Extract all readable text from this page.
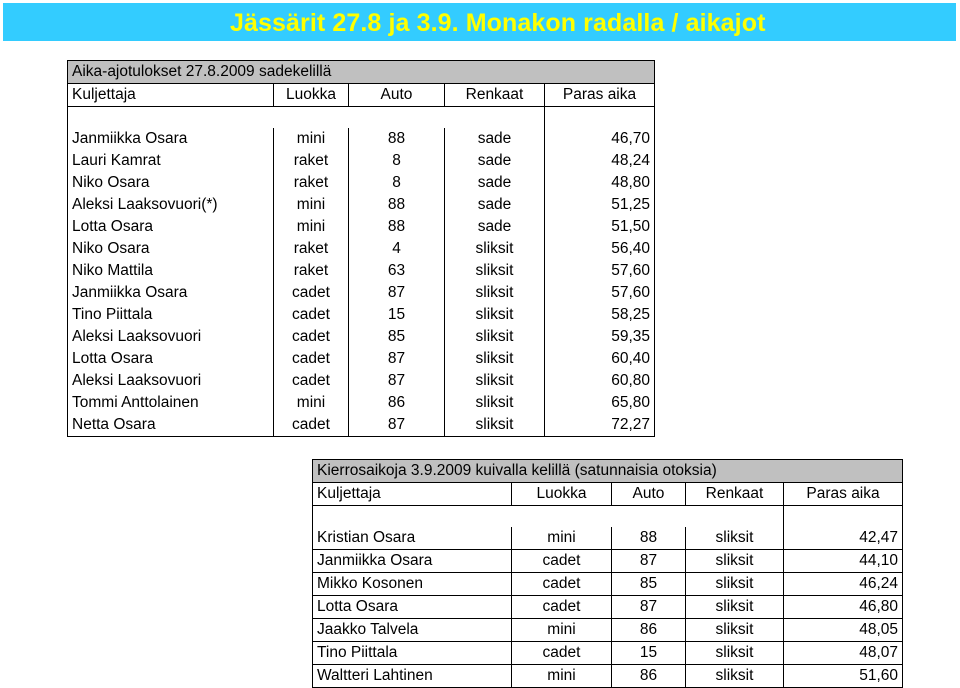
Jässärit 27.8 ja 3.9. Monakon radalla / aikajot
Aika-ajotulokset 27.8.2009 sadekelillä				
Kuljettaja	Luokka	Auto	Renkaat	Paras aika

Janmiikka Osara	mini	88	sade	46,70
Lauri Kamrat	raket	8	sade	48,24
Niko Osara	raket	8	sade	48,80
Aleksi Laaksovuori(*)	mini	88	sade	51,25
Lotta Osara	mini	88	sade	51,50
Niko Osara	raket	4	sliksit	56,40
Niko Mattila	raket	63	sliksit	57,60
Janmiikka Osara	cadet	87	sliksit	57,60
Tino Piittala	cadet	15	sliksit	58,25
Aleksi Laaksovuori	cadet	85	sliksit	59,35
Lotta Osara	cadet	87	sliksit	60,40
Aleksi Laaksovuori	cadet	87	sliksit	60,80
Tommi Anttolainen	mini	86	sliksit	65,80
Netta Osara	cadet	87	sliksit	72,27
Kierrosaikoja 3.9.2009 kuivalla kelillä (satunnaisia otoksia)				
Kuljettaja	Luokka	Auto	Renkaat	Paras aika

Kristian Osara	mini	88	sliksit	42,47
Janmiikka Osara	cadet	87	sliksit	44,10
Mikko Kosonen	cadet	85	sliksit	46,24
Lotta Osara	cadet	87	sliksit	46,80
Jaakko Talvela	mini	86	sliksit	48,05
Tino Piittala	cadet	15	sliksit	48,07
Waltteri Lahtinen	mini	86	sliksit	51,60
